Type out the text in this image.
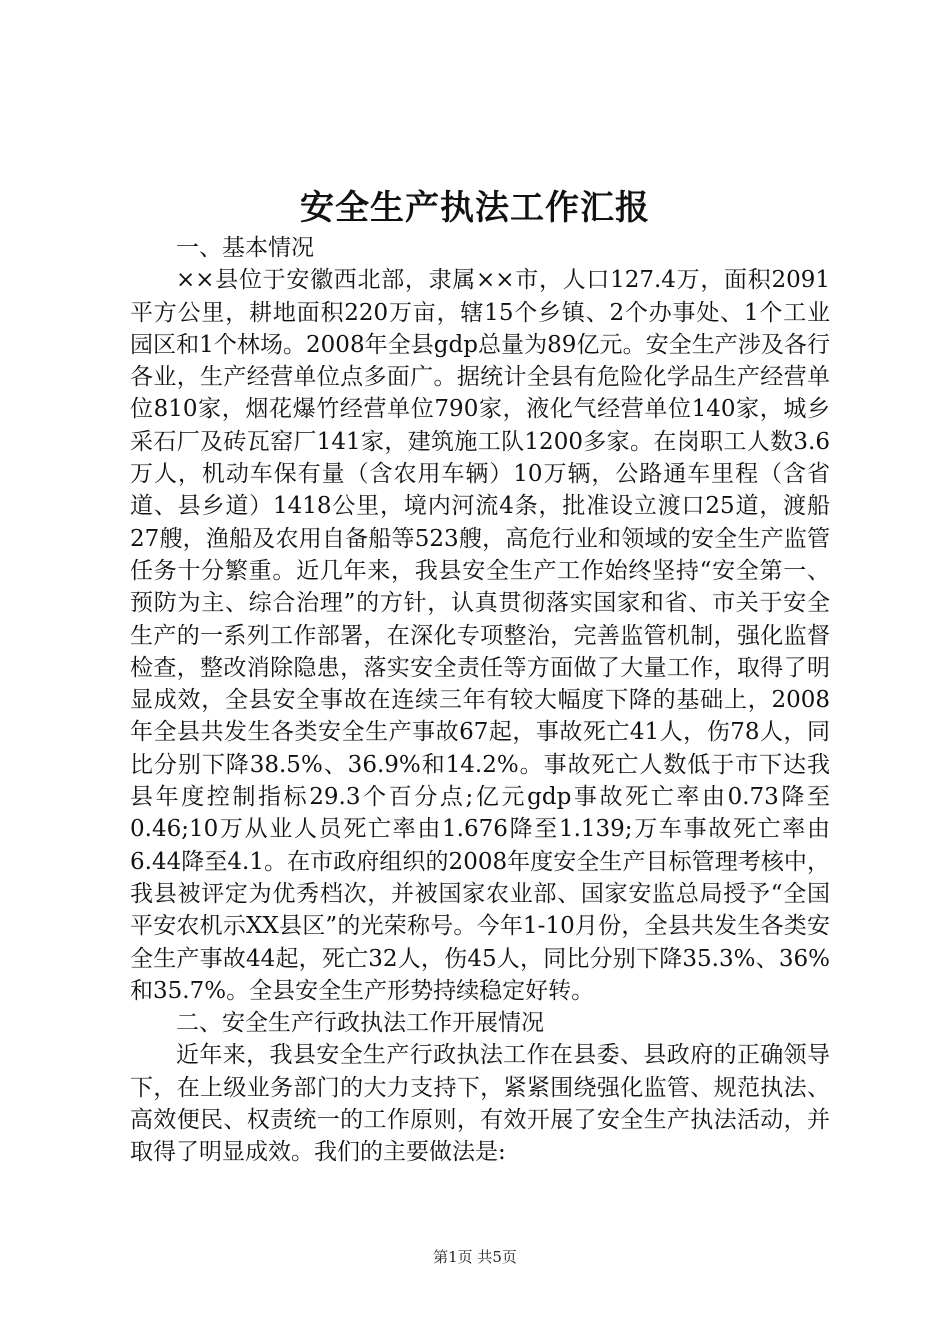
安全生产执法工作汇报

一、基本情况

××县位于安徽西北部，隶属××市，人口127.4万，面积2091平方公里，耕地面积220万亩，辖15个乡镇、2个办事处、1个工业园区和1个林场。2008年全县gdp总量为89亿元。安全生产涉及各行各业，生产经营单位点多面广。据统计全县有危险化学品生产经营单位810家，烟花爆竹经营单位790家，液化气经营单位140家，城乡采石厂及砖瓦窑厂141家，建筑施工队1200多家。在岗职工人数3.6万人，机动车保有量（含农用车辆）10万辆，公路通车里程（含省道、县乡道）1418公里，境内河流4条，批准设立渡口25道，渡船27艘，渔船及农用自备船等523艘，高危行业和领域的安全生产监管任务十分繁重。近几年来，我县安全生产工作始终坚持“安全第一、预防为主、综合治理”的方针，认真贯彻落实国家和省、市关于安全生产的一系列工作部署，在深化专项整治，完善监管机制，强化监督检查，整改消除隐患，落实安全责任等方面做了大量工作，取得了明显成效，全县安全事故在连续三年有较大幅度下降的基础上，2008年全县共发生各类安全生产事故67起，事故死亡41人，伤78人，同比分别下降38.5%、36.9%和14.2%。事故死亡人数低于市下达我县年度控制指标29.3个百分点;亿元gdp事故死亡率由0.73降至0.46;10万从业人员死亡率由1.676降至1.139;万车事故死亡率由6.44降至4.1。在市政府组织的2008年度安全生产目标管理考核中，我县被评定为优秀档次，并被国家农业部、国家安监总局授予“全国平安农机示XX县区”的光荣称号。今年1-10月份，全县共发生各类安全生产事故44起，死亡32人，伤45人，同比分别下降35.3%、36%和35.7%。全县安全生产形势持续稳定好转。

二、安全生产行政执法工作开展情况

近年来，我县安全生产行政执法工作在县委、县政府的正确领导下，在上级业务部门的大力支持下，紧紧围绕强化监管、规范执法、高效便民、权责统一的工作原则，有效开展了安全生产执法活动，并取得了明显成效。我们的主要做法是:

第1页 共5页
